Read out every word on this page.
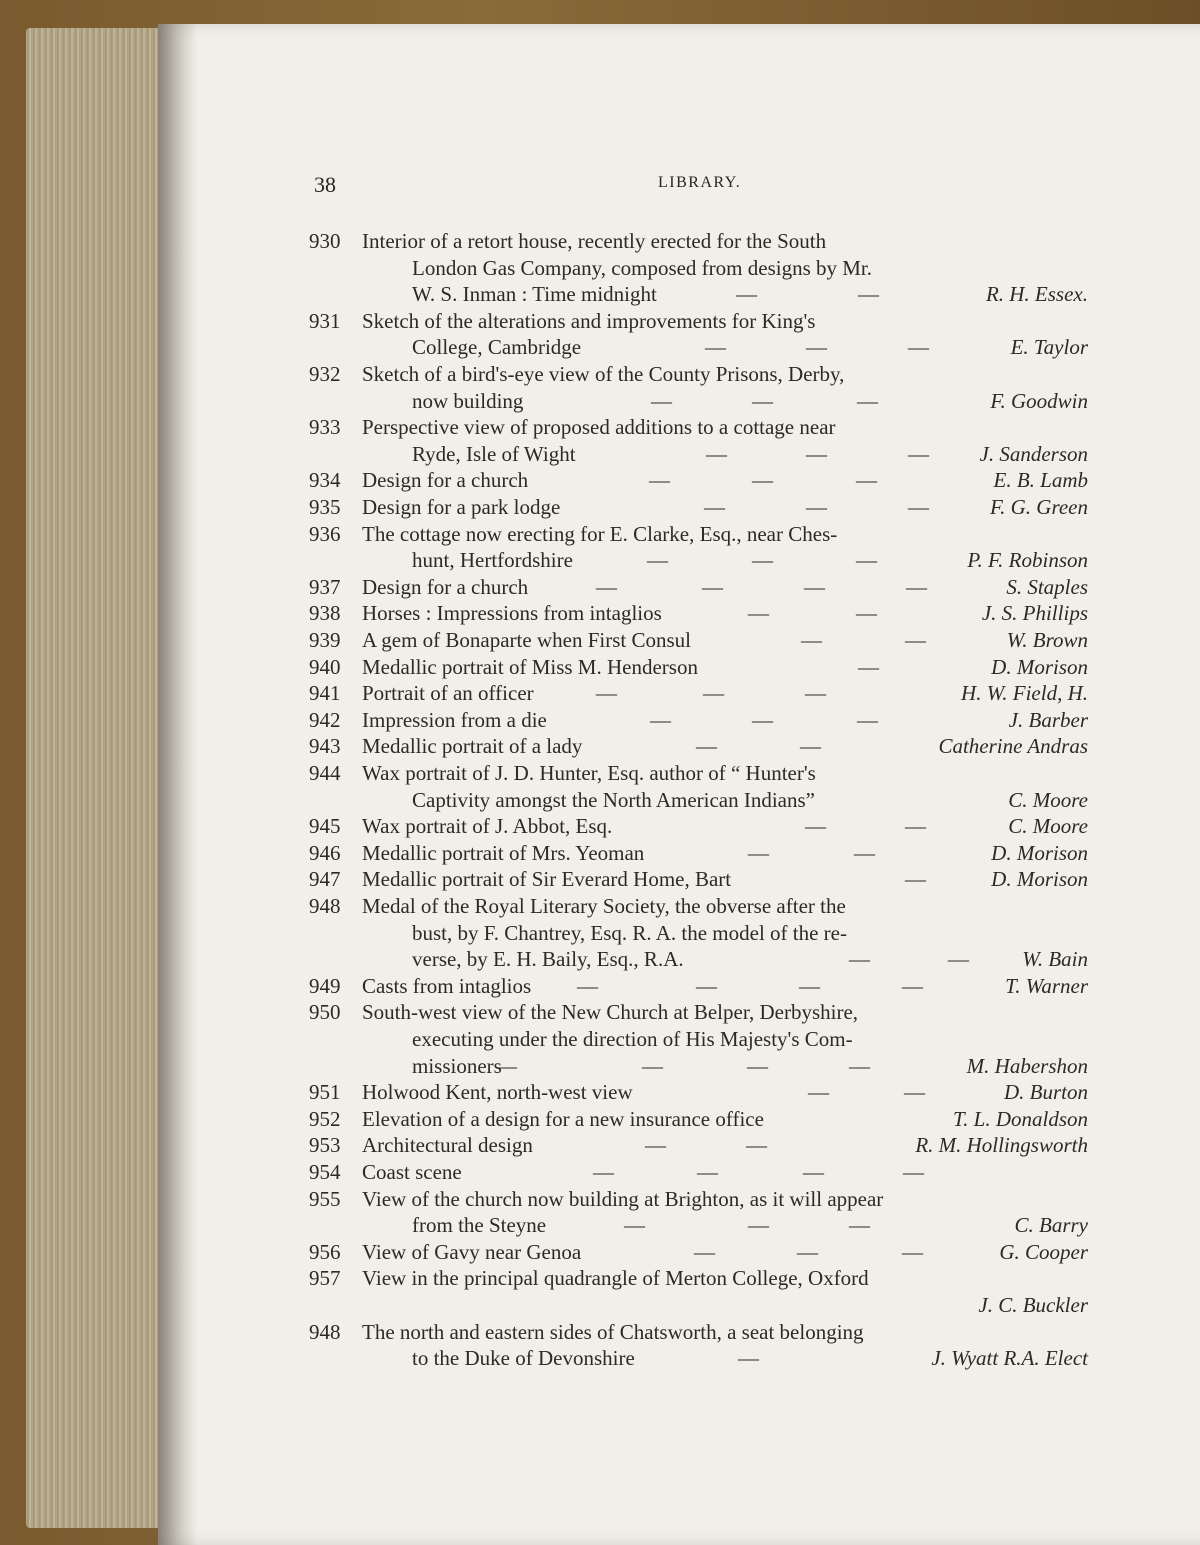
38	LIBRARY.
930 Interior of a retort house, recently erected for the South
London Gas Company, composed from designs by Mr.
W. S. Inman : Time midnight	—	—	R. H. Essex.
931 Sketch of the alterations and improvements for King's
College, Cambridge	—	—	—	E. Taylor
932 Sketch of a bird's-eye view of the County Prisons, Derby,
now building	—	—	—	F. Goodwin
933 Perspective view of proposed additions to a cottage near
Ryde, Isle of Wight	—	—	— J. Sanderson
934 Design for a church	—	—	—	E. B. Lamb
935 Design for a park lodge	—	—	—	F. G. Green
936 The cottage now erecting for E. Clarke, Esq., near Ches-
hunt, Hertfordshire	—	—	—	P. F. Robinson
937 Design for a church	—	—	—	—	S. Staples
938 Horses : Impressions from intaglios	—	—	J. S. Phillips
939 A gem of Bonaparte when First Consul	—	—	W. Brown
940 Medallic portrait of Miss M. Henderson	—	D. Morison
941 Portrait of an officer	—	—	—	H. W. Field, H.
942 Impression from a die	—	—	—	J. Barber
943 Medallic portrait of a lady	—	—	Catherine Andras
944 Wax portrait of J. D. Hunter, Esq. author of “ Hunter's
Captivity amongst the North American Indians”	C. Moore
945 Wax portrait of J. Abbot, Esq.	—	—	C. Moore
946 Medallic portrait of Mrs. Yeoman	—	—	D. Morison
947 Medallic portrait of Sir Everard Home, Bart	—	D. Morison
948 Medal of the Royal Literary Society, the obverse after the
bust, by F. Chantrey, Esq. R. A. the model of the re-
verse, by E. H. Baily, Esq., R.A.	—	—	W. Bain
949 Casts from intaglios —	—	—	—	T. Warner
950 South-west view of the New Church at Belper, Derbyshire,
executing under the direction of His Majesty's Com-
missioners
—	—	—	—	M. Habershon
951 Holwood Kent, north-west view	—	—	D. Burton
952 Elevation of a design for a new insurance office	T. L. Donaldson
953 Architectural design	—	—	R. M. Hollingsworth
954 Coast scene	—	—	—	—
955 View of the church now building at Brighton, as it will appear
from the Steyne	—	—	—	C. Barry
956 View of Gavy near Genoa	—	—	—	G. Cooper
957 View in the principal quadrangle of Merton College, Oxford
J. C. Buckler
948 The north and eastern sides of Chatsworth, a seat belonging
to the Duke of Devonshire	—	J. Wyatt R.A. Elect
